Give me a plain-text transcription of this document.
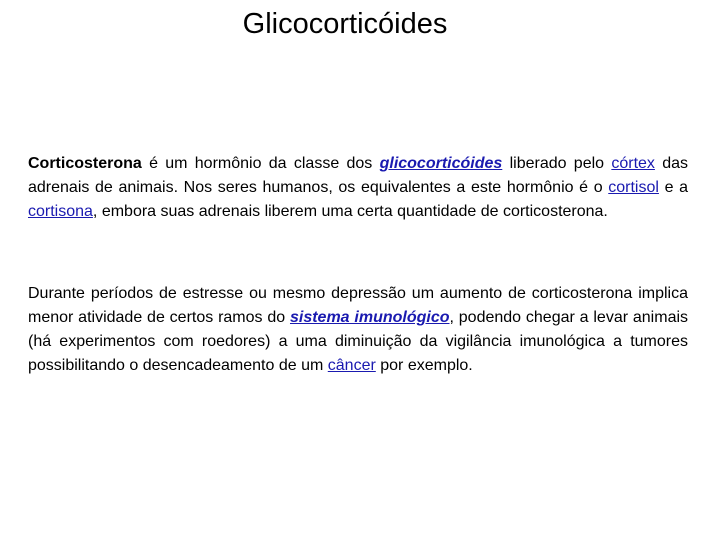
Glicocorticóides

Corticosterona é um hormônio da classe dos glicocorticóides liberado pelo córtex das adrenais de animais. Nos seres humanos, os equivalentes a este hormônio é o cortisol e a cortisona, embora suas adrenais liberem uma certa quantidade de corticosterona.

Durante períodos de estresse ou mesmo depressão um aumento de corticosterona implica menor atividade de certos ramos do sistema imunológico, podendo chegar a levar animais (há experimentos com roedores) a uma diminuição da vigilância imunológica a tumores possibilitando o desencadeamento de um câncer por exemplo.
